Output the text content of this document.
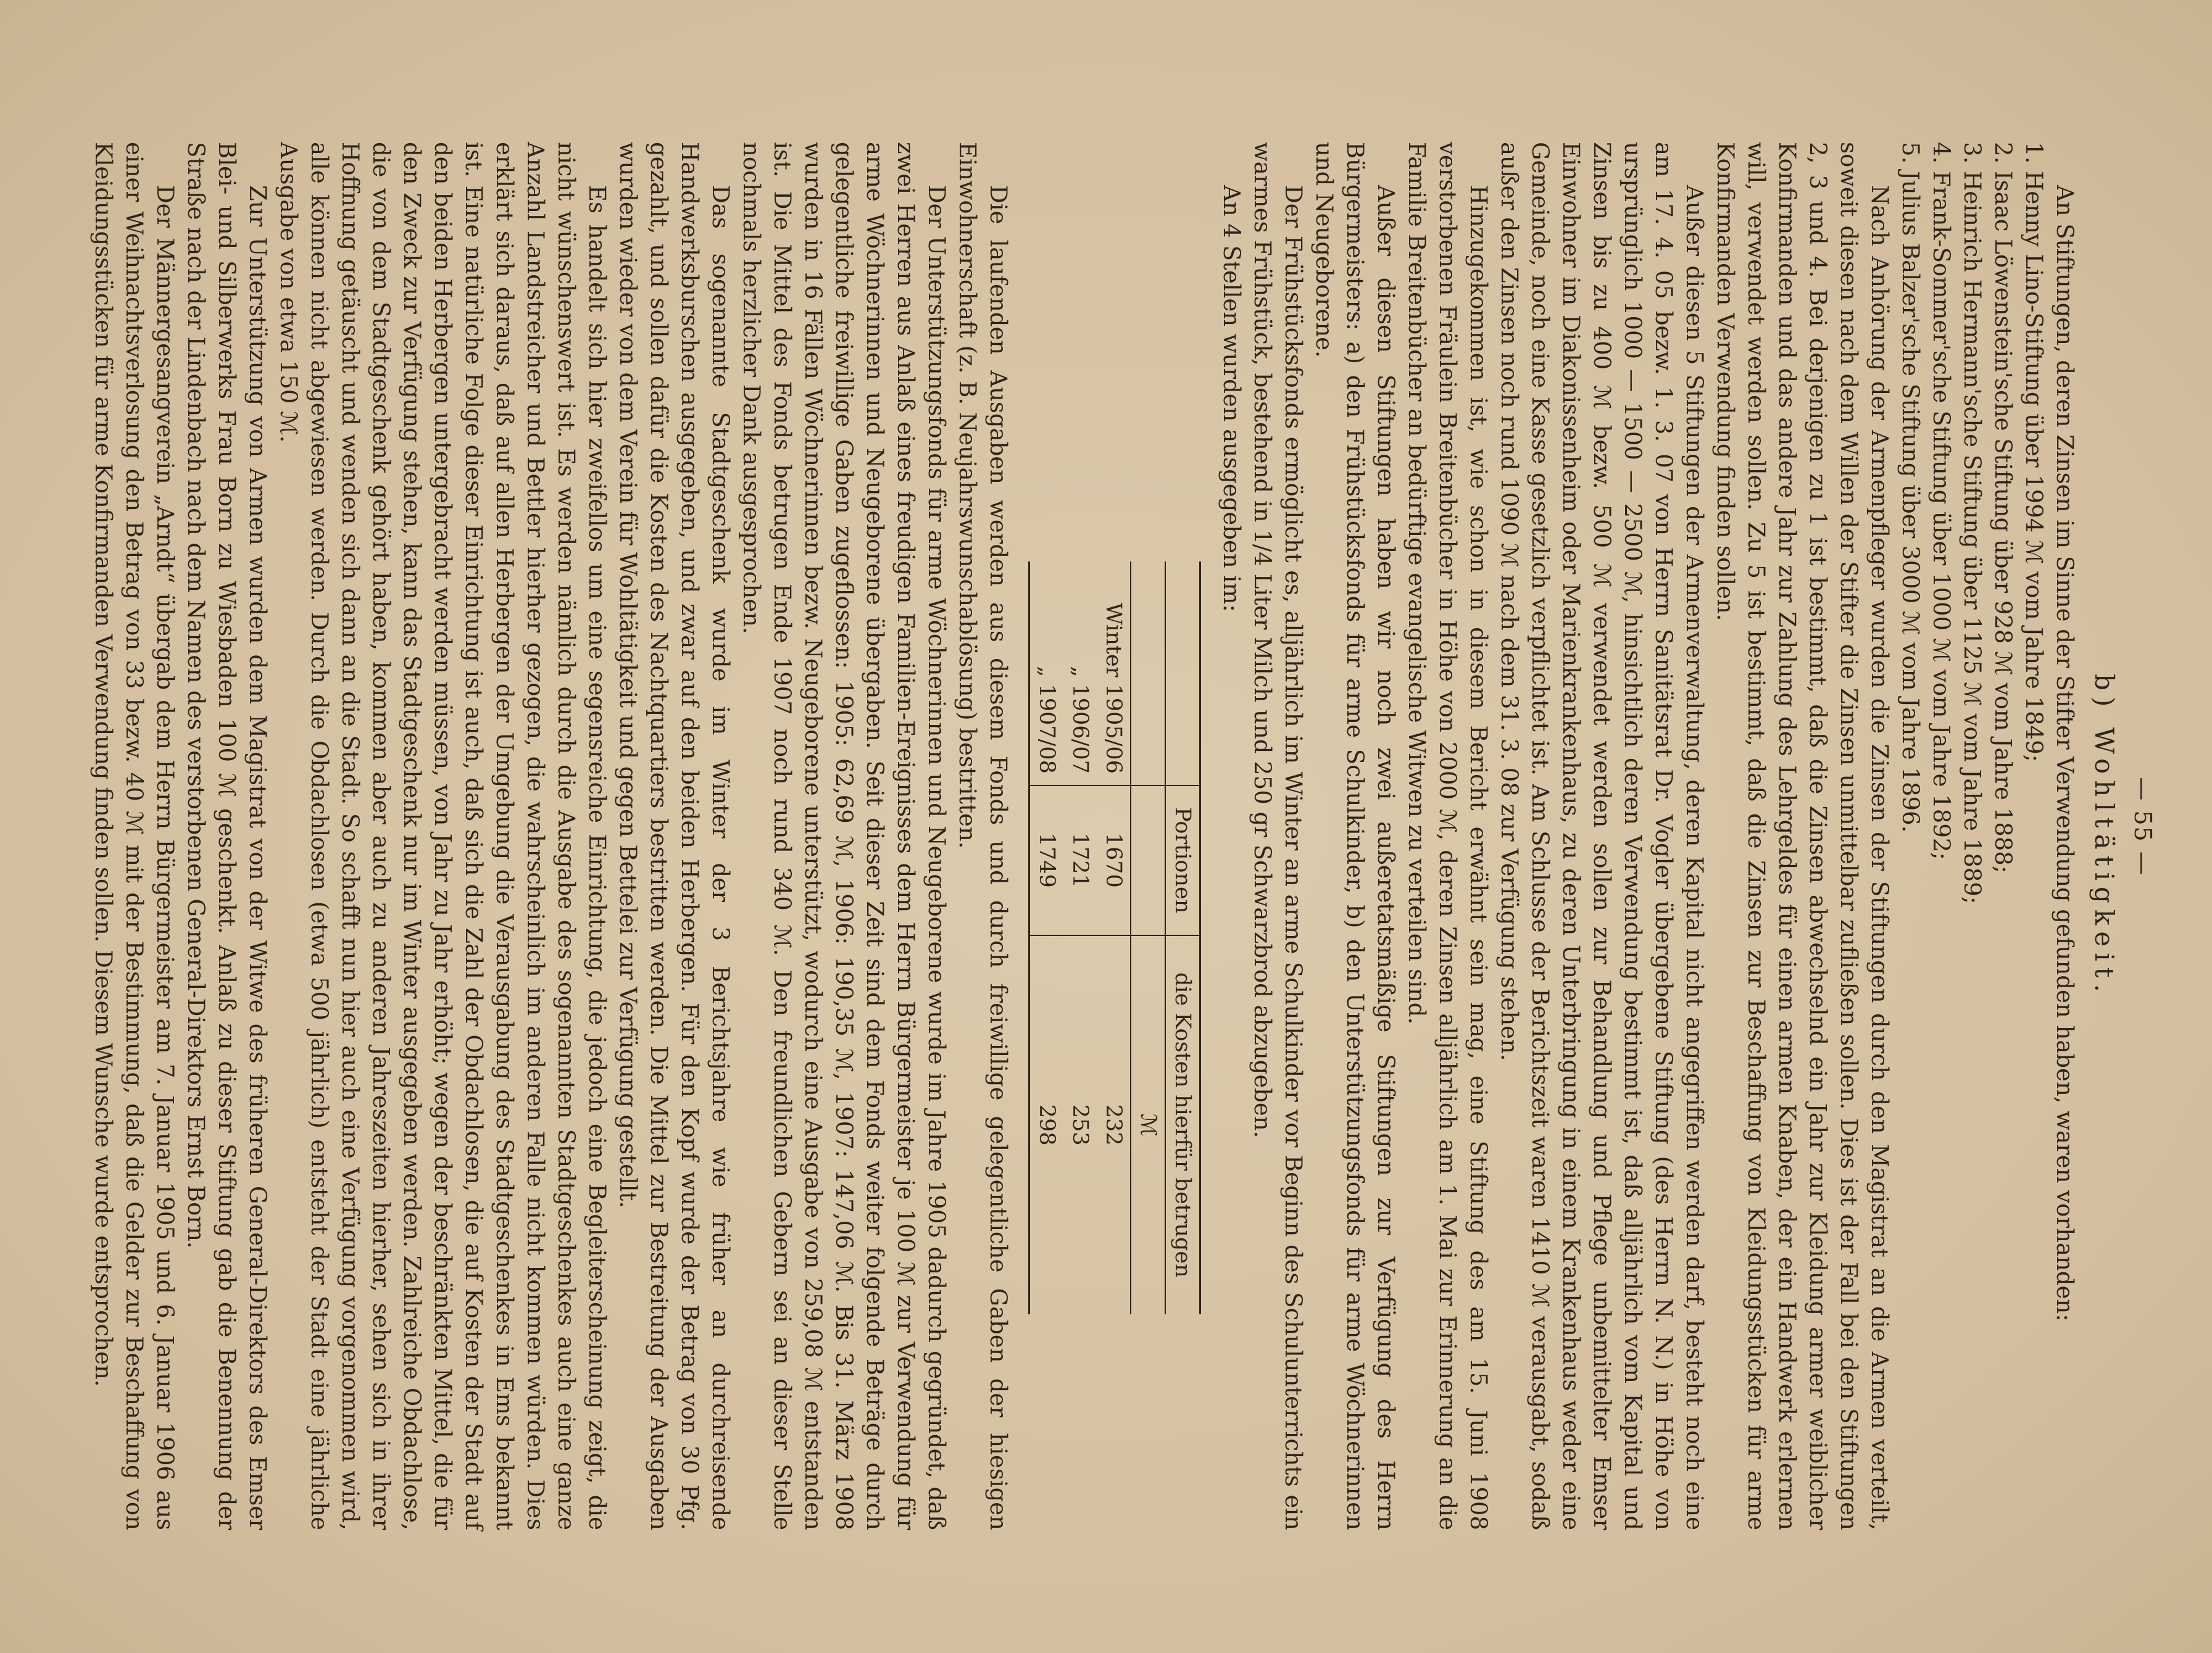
— 55 —
b) Wohltätigkeit.

An Stiftungen, deren Zinsen im Sinne der Stifter Verwendung gefunden haben, waren vorhanden:

1. Henny Lino-Stiftung über 1994 ℳ vom Jahre 1849;
2. Isaac Löwenstein'sche Stiftung über 928 ℳ vom Jahre 1888;
3. Heinrich Hermann'sche Stiftung über 1125 ℳ vom Jahre 1889;
4. Frank-Sommer'sche Stiftung über 1000 ℳ vom Jahre 1892;
5. Julius Balzer'sche Stiftung über 3000 ℳ vom Jahre 1896.

Nach Anhörung der Armenpfleger wurden die Zinsen der Stiftungen durch den Magistrat an die Armen verteilt, soweit diesen nach dem Willen der Stifter die Zinsen unmittelbar zufließen sollen. Dies ist der Fall bei den Stiftungen 2, 3 und 4. Bei derjenigen zu 1 ist bestimmt, daß die Zinsen abwechselnd ein Jahr zur Kleidung armer weiblicher Konfirmanden und das andere Jahr zur Zahlung des Lehrgeldes für einen armen Knaben, der ein Handwerk erlernen will, verwendet werden sollen. Zu 5 ist bestimmt, daß die Zinsen zur Beschaffung von Kleidungsstücken für arme Konfirmanden Verwendung finden sollen.

Außer diesen 5 Stiftungen der Armenverwaltung, deren Kapital nicht angegriffen werden darf, besteht noch eine am 17. 4. 05 bezw. 1. 3. 07 von Herrn Sanitätsrat Dr. Vogler übergebene Stiftung (des Herrn N. N.) in Höhe von ursprünglich 1000 — 1500 — 2500 ℳ, hinsichtlich deren Verwendung bestimmt ist, daß alljährlich vom Kapital und Zinsen bis zu 400 ℳ bezw. 500 ℳ verwendet werden sollen zur Behandlung und Pflege unbemittelter Emser Einwohner im Diakonissenheim oder Marienkrankenhaus, zu deren Unterbringung in einem Krankenhaus weder eine Gemeinde, noch eine Kasse gesetzlich verpflichtet ist. Am Schlusse der Berichtszeit waren 1410 ℳ verausgabt, sodaß außer den Zinsen noch rund 1090 ℳ nach dem 31. 3. 08 zur Verfügung stehen.

Hinzugekommen ist, wie schon in diesem Bericht erwähnt sein mag, eine Stiftung des am 15. Juni 1908 verstorbenen Fräulein Breitenbücher in Höhe von 2000 ℳ, deren Zinsen alljährlich am 1. Mai zur Erinnerung an die Familie Breitenbücher an bedürftige evangelische Witwen zu verteilen sind.

Außer diesen Stiftungen haben wir noch zwei außeretatsmäßige Stiftungen zur Verfügung des Herrn Bürgermeisters: a) den Frühstücksfonds für arme Schulkinder, b) den Unterstützungsfonds für arme Wöchnerinnen und Neugeborene.

Der Frühstücksfonds ermöglicht es, alljährlich im Winter an arme Schulkinder vor Beginn des Schulunterrichts ein warmes Frühstück, bestehend in 1/4 Liter Milch und 250 gr Schwarzbrod abzugeben.

An 4 Stellen wurden ausgegeben im:

	Portionen	die Kosten hierfür betrugen
		ℳ
Winter 1905/06	1670	232
„ 1906/07	1721	253
„ 1907/08	1749	298

Die laufenden Ausgaben werden aus diesem Fonds und durch freiwillige gelegentliche Gaben der hiesigen Einwohnerschaft (z. B. Neujahrswunschablösung) bestritten.

Der Unterstützungsfonds für arme Wöchnerinnen und Neugeborene wurde im Jahre 1905 dadurch gegründet, daß zwei Herren aus Anlaß eines freudigen Familien-Ereignisses dem Herrn Bürgermeister je 100 ℳ zur Verwendung für arme Wöchnerinnen und Neugeborene übergaben. Seit dieser Zeit sind dem Fonds weiter folgende Beträge durch gelegentliche freiwillige Gaben zugeflossen: 1905: 62,69 ℳ, 1906: 190,35 ℳ, 1907: 147,06 ℳ. Bis 31. März 1908 wurden in 16 Fällen Wöchnerinnen bezw. Neugeborene unterstützt, wodurch eine Ausgabe von 259,08 ℳ entstanden ist. Die Mittel des Fonds betrugen Ende 1907 noch rund 340 ℳ. Den freundlichen Gebern sei an dieser Stelle nochmals herzlicher Dank ausgesprochen.

Das sogenannte Stadtgeschenk wurde im Winter der 3 Berichtsjahre wie früher an durchreisende Handwerksburschen ausgegeben, und zwar auf den beiden Herbergen. Für den Kopf wurde der Betrag von 30 Pfg. gezahlt, und sollen dafür die Kosten des Nachtquartiers bestritten werden. Die Mittel zur Bestreitung der Ausgaben wurden wieder von dem Verein für Wohltätigkeit und gegen Bettelei zur Verfügung gestellt.

Es handelt sich hier zweifellos um eine segensreiche Einrichtung, die jedoch eine Begleiterscheinung zeigt, die nicht wünschenswert ist. Es werden nämlich durch die Ausgabe des sogenannten Stadtgeschenkes auch eine ganze Anzahl Landstreicher und Bettler hierher gezogen, die wahrscheinlich im anderen Falle nicht kommen würden. Dies erklärt sich daraus, daß auf allen Herbergen der Umgebung die Verausgabung des Stadtgeschenkes in Ems bekannt ist. Eine natürliche Folge dieser Einrichtung ist auch, daß sich die Zahl der Obdachlosen, die auf Kosten der Stadt auf den beiden Herbergen untergebracht werden müssen, von Jahr zu Jahr erhöht; wegen der beschränkten Mittel, die für den Zweck zur Verfügung stehen, kann das Stadtgeschenk nur im Winter ausgegeben werden. Zahlreiche Obdachlose, die von dem Stadtgeschenk gehört haben, kommen aber auch zu anderen Jahreszeiten hierher, sehen sich in ihrer Hoffnung getäuscht und wenden sich dann an die Stadt. So schafft nun hier auch eine Verfügung vorgenommen wird, alle können nicht abgewiesen werden. Durch die Obdachlosen (etwa 500 jährlich) entsteht der Stadt eine jährliche Ausgabe von etwa 150 ℳ.

Zur Unterstützung von Armen wurden dem Magistrat von der Witwe des früheren General-Direktors des Emser Blei- und Silberwerks Frau Born zu Wiesbaden 100 ℳ geschenkt. Anlaß zu dieser Stiftung gab die Benennung der Straße nach der Lindenbach nach dem Namen des verstorbenen General-Direktors Ernst Born.

Der Männergesangverein „Arndt“ übergab dem Herrn Bürgermeister am 7. Januar 1905 und 6. Januar 1906 aus einer Weihnachtsverlosung den Betrag von 33 bezw. 40 ℳ mit der Bestimmung, daß die Gelder zur Beschaffung von Kleidungsstücken für arme Konfirmanden Verwendung finden sollen. Diesem Wunsche wurde entsprochen.
